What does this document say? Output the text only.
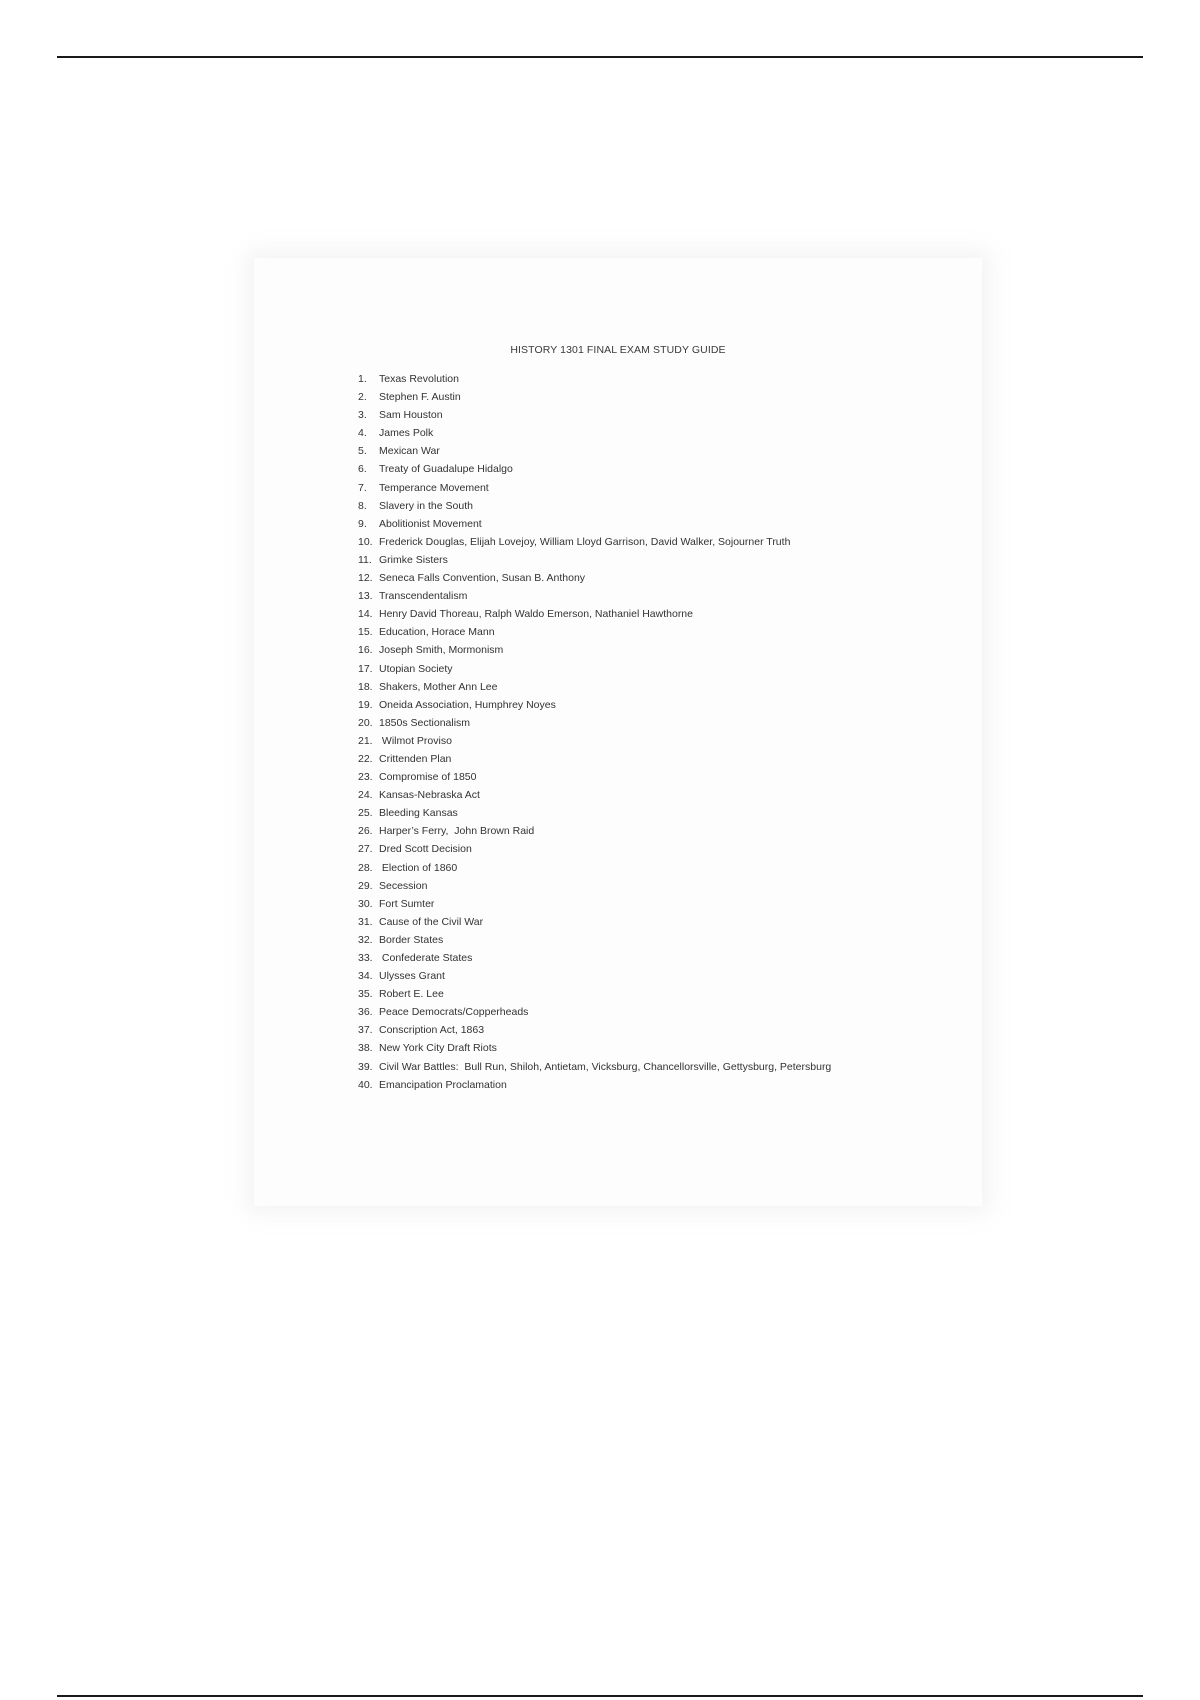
HISTORY 1301 FINAL EXAM STUDY GUIDE
1.	Texas Revolution
2.	Stephen F. Austin
3.	Sam Houston
4.	James Polk
5.	Mexican War
6.	Treaty of Guadalupe Hidalgo
7.	Temperance Movement
8.	Slavery in the South
9.	Abolitionist Movement
10. Frederick Douglas, Elijah Lovejoy, William Lloyd Garrison, David Walker, Sojourner Truth
11. Grimke Sisters
12. Seneca Falls Convention, Susan B. Anthony
13. Transcendentalism
14. Henry David Thoreau, Ralph Waldo Emerson, Nathaniel Hawthorne
15. Education, Horace Mann
16. Joseph Smith, Mormonism
17. Utopian Society
18. Shakers, Mother Ann Lee
19. Oneida Association, Humphrey Noyes
20. 1850s Sectionalism
21. Wilmot Proviso
22. Crittenden Plan
23. Compromise of 1850
24. Kansas-Nebraska Act
25. Bleeding Kansas
26. Harper’s Ferry,  John Brown Raid
27. Dred Scott Decision
28. Election of 1860
29. Secession
30. Fort Sumter
31. Cause of the Civil War
32. Border States
33. Confederate States
34. Ulysses Grant
35. Robert E. Lee
36. Peace Democrats/Copperheads
37. Conscription Act, 1863
38. New York City Draft Riots
39. Civil War Battles:  Bull Run, Shiloh, Antietam, Vicksburg, Chancellorsville, Gettysburg, Petersburg
40. Emancipation Proclamation
